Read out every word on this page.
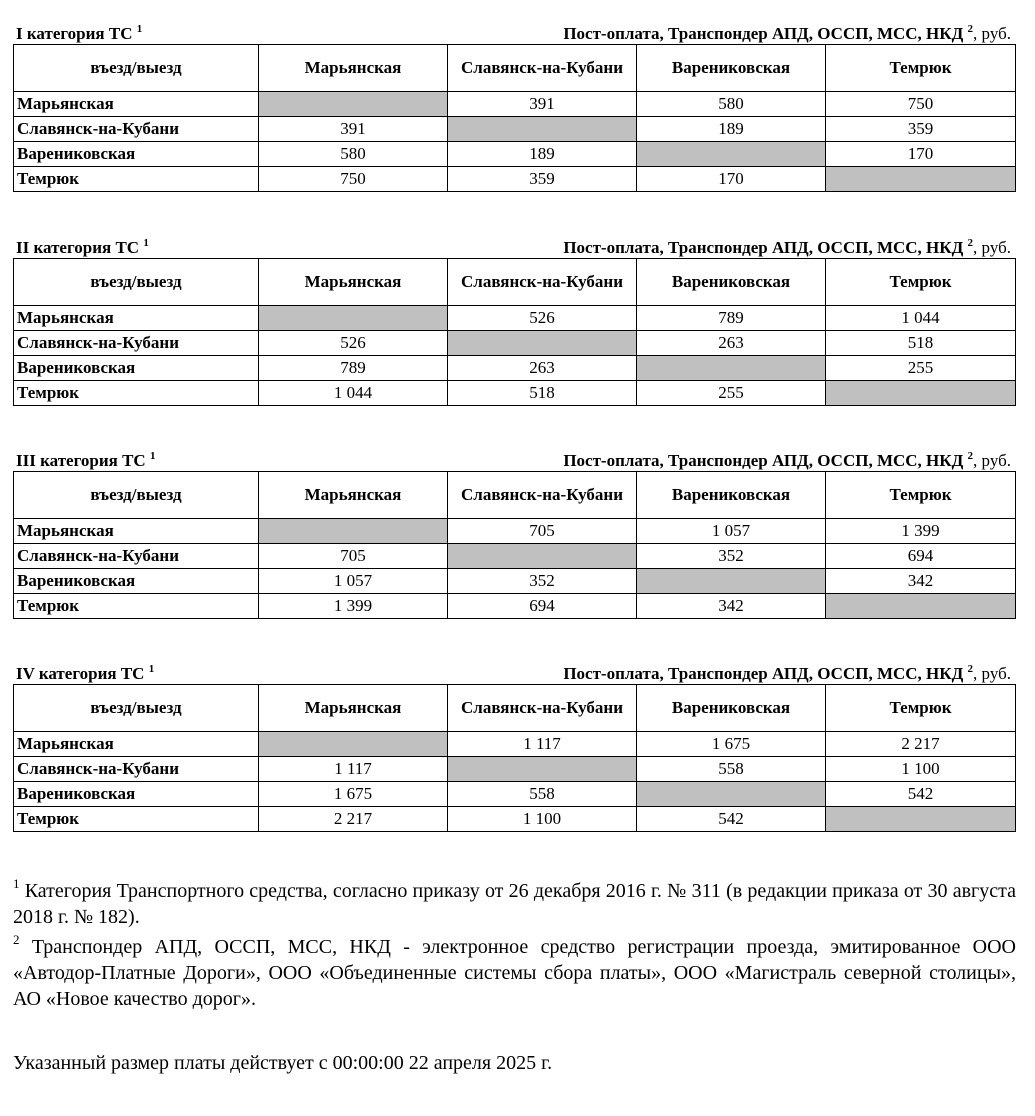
I категория ТС $^1$	Пост-оплата, Транспондер АПД, ОССП, МСС, НКД $^2$, руб.
въезд/выезд	Марьянская	Славянск-на-Кубани	Варениковская	Темрюк
Марьянская		391	580	750
Славянск-на-Кубани	391		189	359
Варениковская	580	189		170
Темрюк	750	359	170	
II категория ТС $^1$	Пост-оплата, Транспондер АПД, ОССП, МСС, НКД $^2$, руб.
въезд/выезд	Марьянская	Славянск-на-Кубани	Варениковская	Темрюк
Марьянская		526	789	1 044
Славянск-на-Кубани	526		263	518
Варениковская	789	263		255
Темрюк	1 044	518	255	
III категория ТС $^1$	Пост-оплата, Транспондер АПД, ОССП, МСС, НКД $^2$, руб.
въезд/выезд	Марьянская	Славянск-на-Кубани	Варениковская	Темрюк
Марьянская		705	1 057	1 399
Славянск-на-Кубани	705		352	694
Варениковская	1 057	352		342
Темрюк	1 399	694	342	
IV категория ТС $^1$	Пост-оплата, Транспондер АПД, ОССП, МСС, НКД $^2$, руб.
въезд/выезд	Марьянская	Славянск-на-Кубани	Варениковская	Темрюк
Марьянская		1 117	1 675	2 217
Славянск-на-Кубани	1 117		558	1 100
Варениковская	1 675	558		542
Темрюк	2 217	1 100	542	
$^1$ Категория Транспортного средства, согласно приказу от 26 декабря 2016 г. № 311 (в редакции приказа от 30 августа 2018 г. № 182).
$^2$ Транспондер АПД, ОССП, МСС, НКД - электронное средство регистрации проезда, эмитированное ООО «Автодор-Платные Дороги», ООО «Объединенные системы сбора платы», ООО «Магистраль северной столицы», АО «Новое качество дорог».
Указанный размер платы действует с 00:00:00 22 апреля 2025 г.
